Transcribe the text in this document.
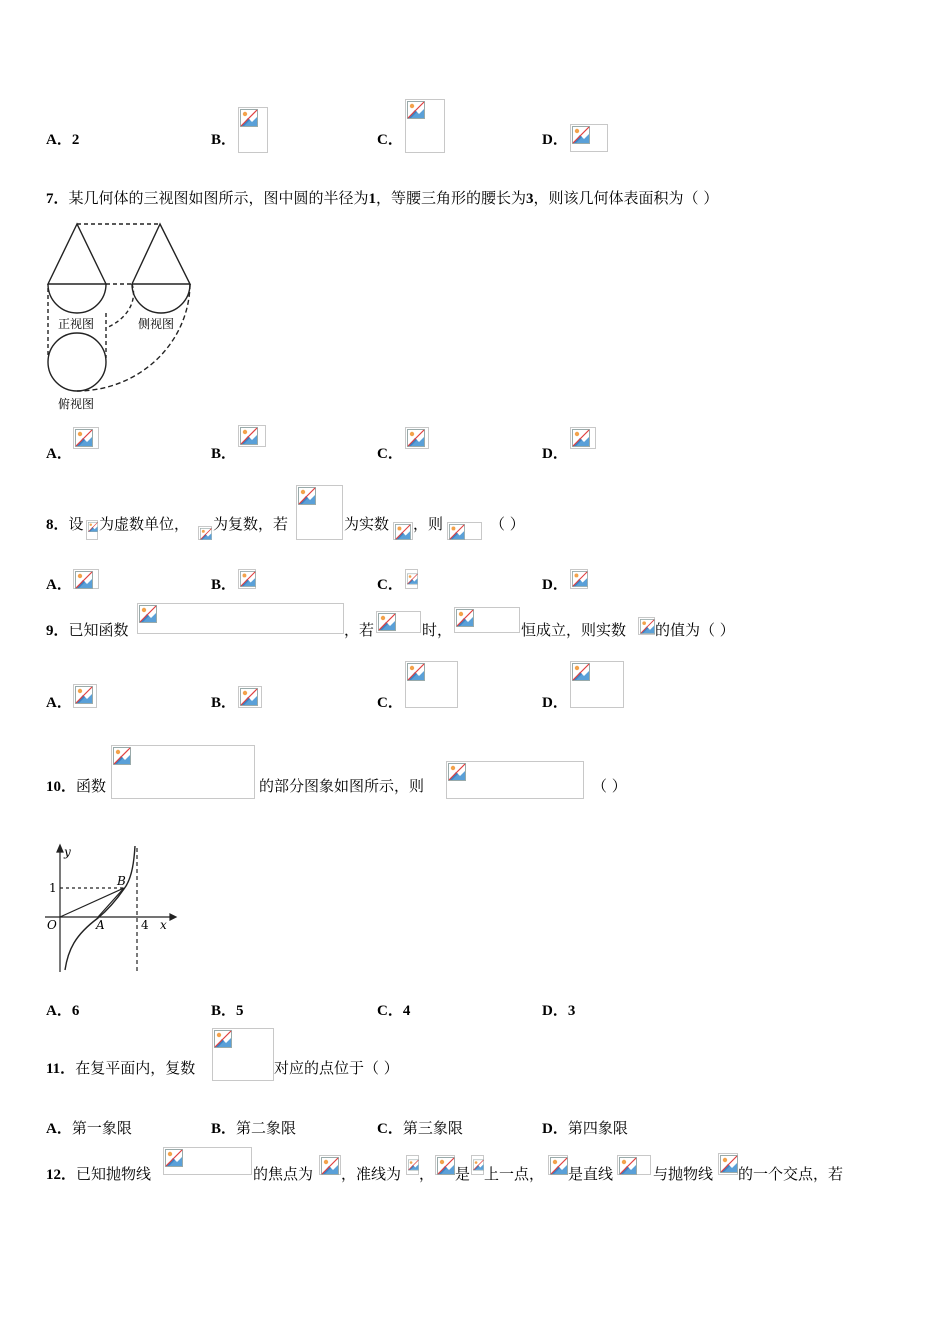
A．2	B．	C．	D．
7．某几何体的三视图如图所示，图中圆的半径为1，等腰三角形的腰长为3，则该几何体表面积为（ ）
正视图	侧视图
俯视图
A．	B．	C．	D．
8．设 为虚数单位， 为复数，若	为实数 ，则	（ ）
A．	B．	C．	D．
9．已知函数	，若	时，	恒成立，则实数 的值为（ ）
A．	B．	C．	D．
10．函数	的部分图象如图所示，则	（ ）
y
x
O	A
B
1
4
A．6	B．5	C．4	D．3
11．在复平面内，复数	对应的点位于（ ）
A．第一象限	B．第二象限	C．第三象限	D．第四象限
12．已知抛物线	的焦点为 ，准线为 ， 是 上一点， 是直线	与抛物线 的一个交点，若
